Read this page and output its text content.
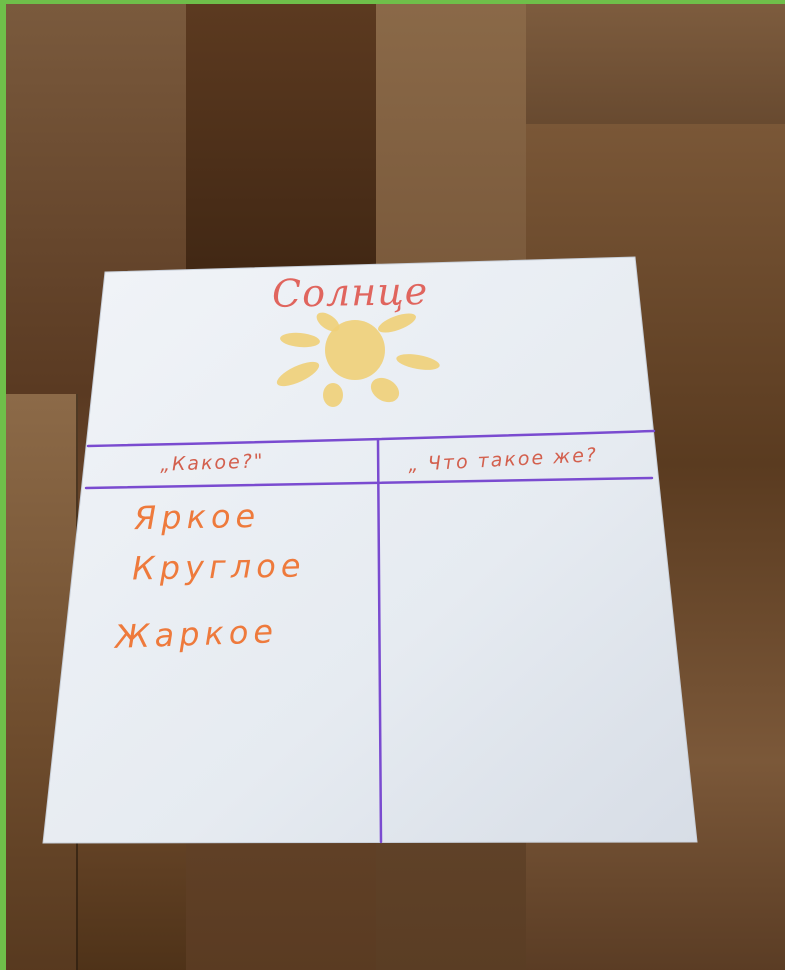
Солнце
„Какое?"	„ Что такое же?
Яркое
Круглое
Жаркое
